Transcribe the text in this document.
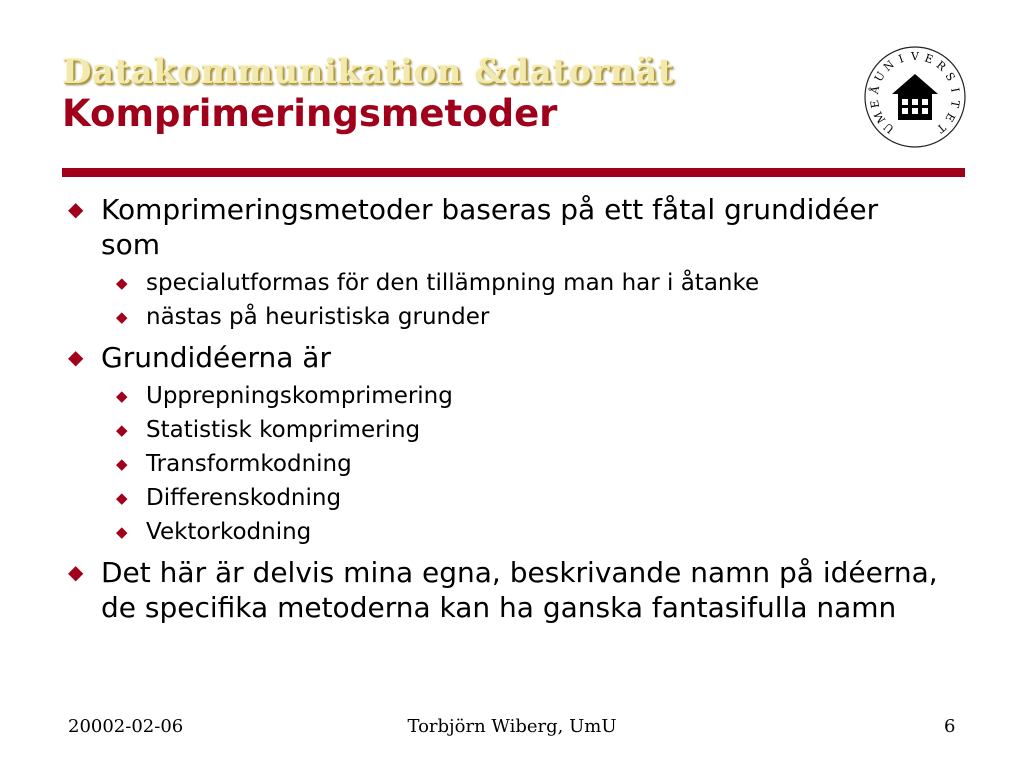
Datakommunikation &datornät
Komprimeringsmetoder	U
M
E
Å
U
N I V E
R
S
I
T
E
T
◆ Komprimeringsmetoder baseras på ett fåtal grundidéer som
◆ specialutformas för den tillämpning man har i åtanke
◆ nästas på heuristiska grunder
◆ Grundidéerna är
◆ Upprepningskomprimering
◆ Statistisk komprimering
◆ Transformkodning
◆ Differenskodning
◆ Vektorkodning
◆ Det här är delvis mina egna, beskrivande namn på idéerna, de specifika metoderna kan ha ganska fantasifulla namn
20002-02-06	Torbjörn Wiberg, UmU	6
